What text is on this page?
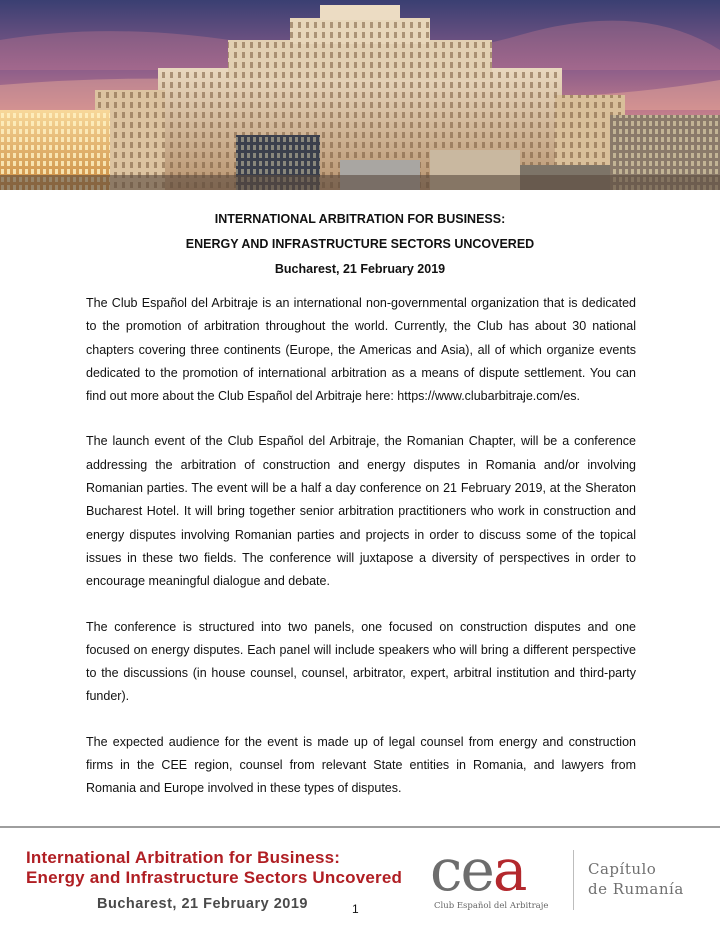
INTERNATIONAL ARBITRATION FOR BUSINESS:
ENERGY AND INFRASTRUCTURE SECTORS UNCOVERED
Bucharest, 21 February 2019

The Club Español del Arbitraje is an international non-governmental organization that is dedicated to the promotion of arbitration throughout the world. Currently, the Club has about 30 national chapters covering three continents (Europe, the Americas and Asia), all of which organize events dedicated to the promotion of international arbitration as a means of dispute settlement. You can find out more about the Club Español del Arbitraje here: https://www.clubarbitraje.com/es.

The launch event of the Club Español del Arbitraje, the Romanian Chapter, will be a conference addressing the arbitration of construction and energy disputes in Romania and/or involving Romanian parties. The event will be a half a day conference on 21 February 2019, at the Sheraton Bucharest Hotel. It will bring together senior arbitration practitioners who work in construction and energy disputes involving Romanian parties and projects in order to discuss some of the topical issues in these two fields. The conference will juxtapose a diversity of perspectives in order to encourage meaningful dialogue and debate.

The conference is structured into two panels, one focused on construction disputes and one focused on energy disputes. Each panel will include speakers who will bring a different perspective to the discussions (in house counsel, counsel, arbitrator, expert, arbitral institution and third-party funder).

The expected audience for the event is made up of legal counsel from energy and construction firms in the CEE region, counsel from relevant State entities in Romania, and lawyers from Romania and Europe involved in these types of disputes.

International Arbitration for Business:
Energy and Infrastructure Sectors Uncovered
Bucharest, 21 February 2019 cea
Club Español del Arbitraje
Capítulo
de Rumanía
1
